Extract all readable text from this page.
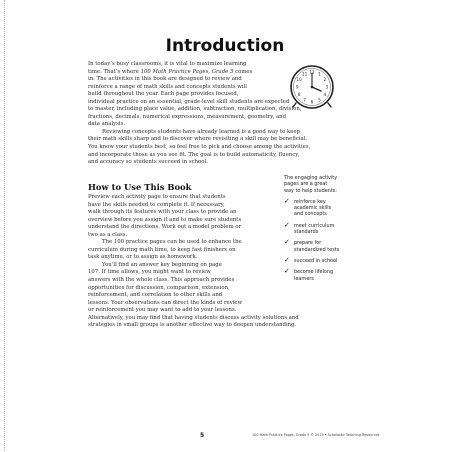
Introduction
12 1
2
3
4
5
6
7
8
9
10
11
In today’s busy classrooms, it is vital to maximize learning
time. That’s where 100 Math Practice Pages, Grade 5 comes
in. The activities in this book are designed to review and
reinforce a range of math skills and concepts students will
build throughout the year. Each page provides focused,
individual practice on an essential, grade-level skill students are expected
to master, including place value, addition, subtraction, multiplication, division,
fractions, decimals, numerical expressions, measurement, geometry, and
data analysis.
Reviewing concepts students have already learned is a good way to keep
their math skills sharp and to discover where revisiting a skill may be beneficial.
You know your students best, so feel free to pick and choose among the activities,
and incorporate those as you see fit. The goal is to build automaticity, fluency,
and accuracy so students succeed in school.
How to Use This Book
Preview each activity page to ensure that students
have the skills needed to complete it. If necessary,
walk through its features with your class to provide an
overview before you assign it and to make sure students
understand the directions. Work out a model problem or
two as a class.
The 100 practice pages can be used to enhance the
curriculum during math time, to keep fast finishers on
task anytime, or to assign as homework.
You’ll find an answer key beginning on page
107. If time allows, you might want to review
answers with the whole class. This approach provides
opportunities for discussion, comparison, extension,
reinforcement, and correlation to other skills and
lessons. Your observations can direct the kinds of review
or reinforcement you may want to add to your lessons.
Alternatively, you may find that having students discuss activity solutions and
strategies in small groups is another effective way to deepen understanding.
The engaging activity
pages are a great
way to help students:
✓ reinforce key
academic skills
and concepts
✓ meet curriculum
standards
✓ prepare for
standardized tests
✓ succeed in school
✓ become lifelong
learners
5	100 Math Practice Pages, Grade 5 © 2015 • Scholastic Teaching Resources
